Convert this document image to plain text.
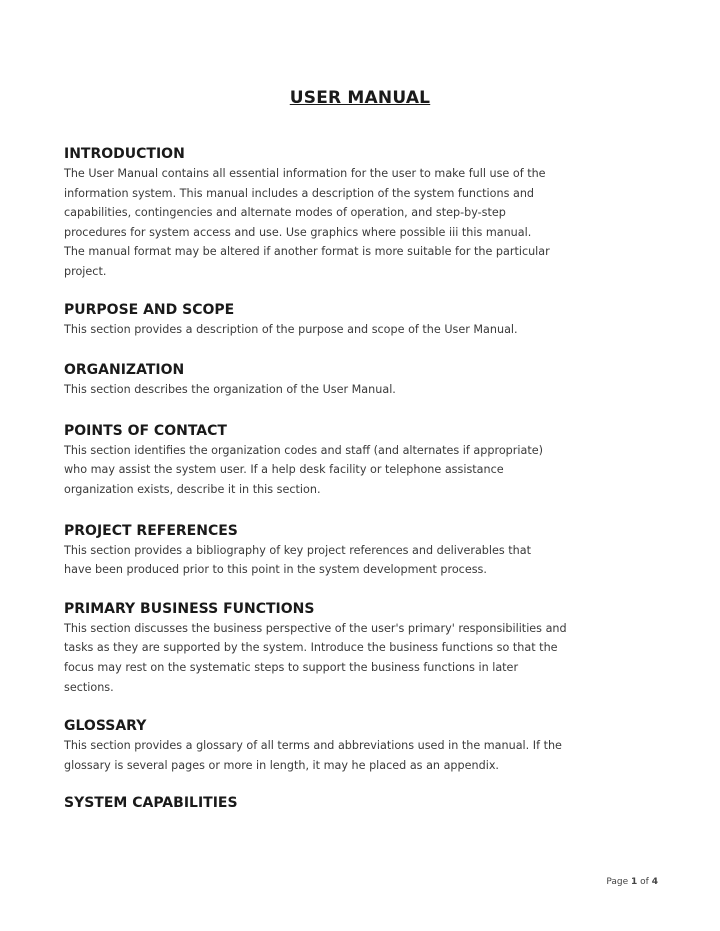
USER MANUAL
INTRODUCTION
The User Manual contains all essential information for the user to make full use of the
information system. This manual includes a description of the system functions and
capabilities, contingencies and alternate modes of operation, and step-by-step
procedures for system access and use. Use graphics where possible iii this manual.
The manual format may be altered if another format is more suitable for the particular
project.
PURPOSE AND SCOPE
This section provides a description of the purpose and scope of the User Manual.
ORGANIZATION
This section describes the organization of the User Manual.
POINTS OF CONTACT
This section identifies the organization codes and staff (and alternates if appropriate)
who may assist the system user. If a help desk facility or telephone assistance
organization exists, describe it in this section.
PROJECT REFERENCES
This section provides a bibliography of key project references and deliverables that
have been produced prior to this point in the system development process.
PRIMARY BUSINESS FUNCTIONS
This section discusses the business perspective of the user's primary' responsibilities and
tasks as they are supported by the system. Introduce the business functions so that the
focus may rest on the systematic steps to support the business functions in later
sections.
GLOSSARY
This section provides a glossary of all terms and abbreviations used in the manual. If the
glossary is several pages or more in length, it may he placed as an appendix.
SYSTEM CAPABILITIES
Page 1 of 4
